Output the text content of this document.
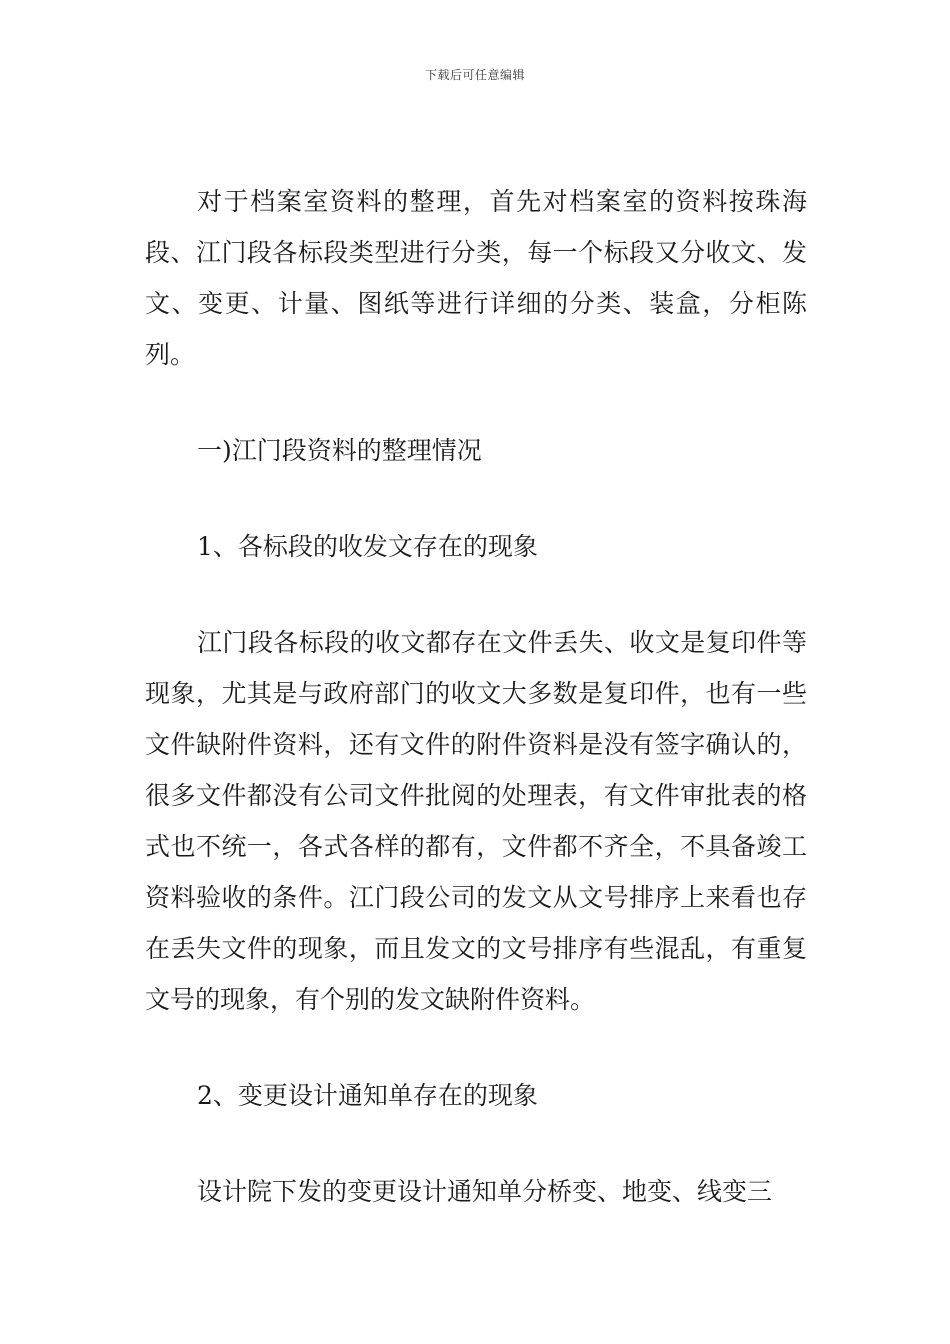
下载后可任意编辑

对于档案室资料的整理，首先对档案室的资料按珠海段、江门段各标段类型进行分类，每一个标段又分收文、发文、变更、计量、图纸等进行详细的分类、装盒，分柜陈列。

一)江门段资料的整理情况

1、各标段的收发文存在的现象

江门段各标段的收文都存在文件丢失、收文是复印件等现象，尤其是与政府部门的收文大多数是复印件，也有一些文件缺附件资料，还有文件的附件资料是没有签字确认的，很多文件都没有公司文件批阅的处理表，有文件审批表的格式也不统一，各式各样的都有，文件都不齐全，不具备竣工资料验收的条件。江门段公司的发文从文号排序上来看也存在丢失文件的现象，而且发文的文号排序有些混乱，有重复文号的现象，有个别的发文缺附件资料。

2、变更设计通知单存在的现象

设计院下发的变更设计通知单分桥变、地变、线变三
